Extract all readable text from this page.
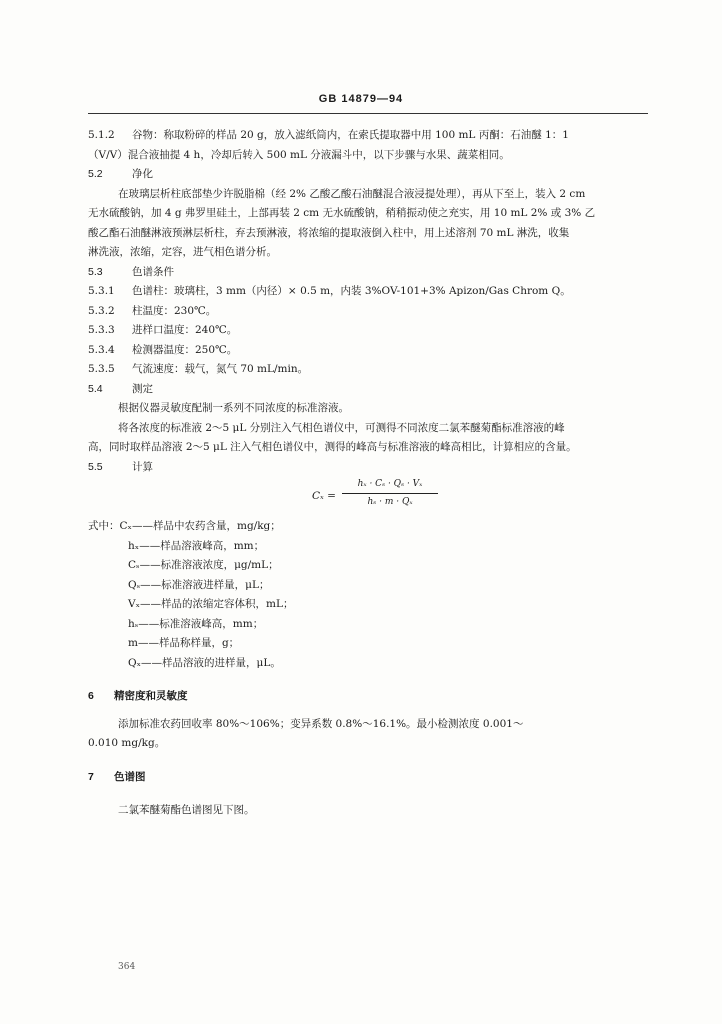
GB 14879—94
5.1.2 谷物：称取粉碎的样品 20 g，放入滤纸筒内，在索氏提取器中用 100 mL 丙酮：石油醚 1：1
（V/V）混合液抽提 4 h，冷却后转入 500 mL 分液漏斗中，以下步骤与水果、蔬菜相同。
5.2	净化
在玻璃层析柱底部垫少许脱脂棉（经 2% 乙酸乙酸石油醚混合液浸提处理），再从下至上，装入 2 cm
无水硫酸钠，加 4 g 弗罗里硅土，上部再装 2 cm 无水硫酸钠，稍稍振动使之充实，用 10 mL 2% 或 3% 乙
酸乙酯石油醚淋液预淋层析柱，弃去预淋液，将浓缩的提取液倒入柱中，用上述溶剂 70 mL 淋洗，收集
淋洗液，浓缩，定容，进气相色谱分析。
5.3	色谱条件
5.3.1 色谱柱：玻璃柱，3 mm（内径）× 0.5 m，内装 3%OV-101+3% Apizon/Gas Chrom Q。
5.3.2 柱温度：230℃。
5.3.3 进样口温度：240℃。
5.3.4 检测器温度：250℃。
5.3.5 气流速度：载气，氮气 70 mL/min。
5.4	测定
根据仪器灵敏度配制一系列不同浓度的标准溶液。
将各浓度的标准液 2～5 μL 分别注入气相色谱仪中，可测得不同浓度二氯苯醚菊酯标准溶液的峰
高，同时取样品溶液 2～5 μL 注入气相色谱仪中，测得的峰高与标准溶液的峰高相比，计算相应的含量。
5.5	计算
Cₓ =
hₓ · Cₛ · Qₛ · Vₓ
hₛ · m · Qₓ
式中：Cₓ——样品中农药含量，mg/kg；
hₓ——样品溶液峰高，mm；
Cₛ——标准溶液浓度，μg/mL；
Qₛ——标准溶液进样量，μL；
Vₓ——样品的浓缩定容体积，mL；
hₛ——标准溶液峰高，mm；
m——样品称样量，g；
Qₓ——样品溶液的进样量，μL。
6 精密度和灵敏度
添加标准农药回收率 80%～106%；变异系数 0.8%～16.1%。最小检测浓度 0.001～
0.010 mg/kg。
7 色谱图
二氯苯醚菊酯色谱图见下图。
364
